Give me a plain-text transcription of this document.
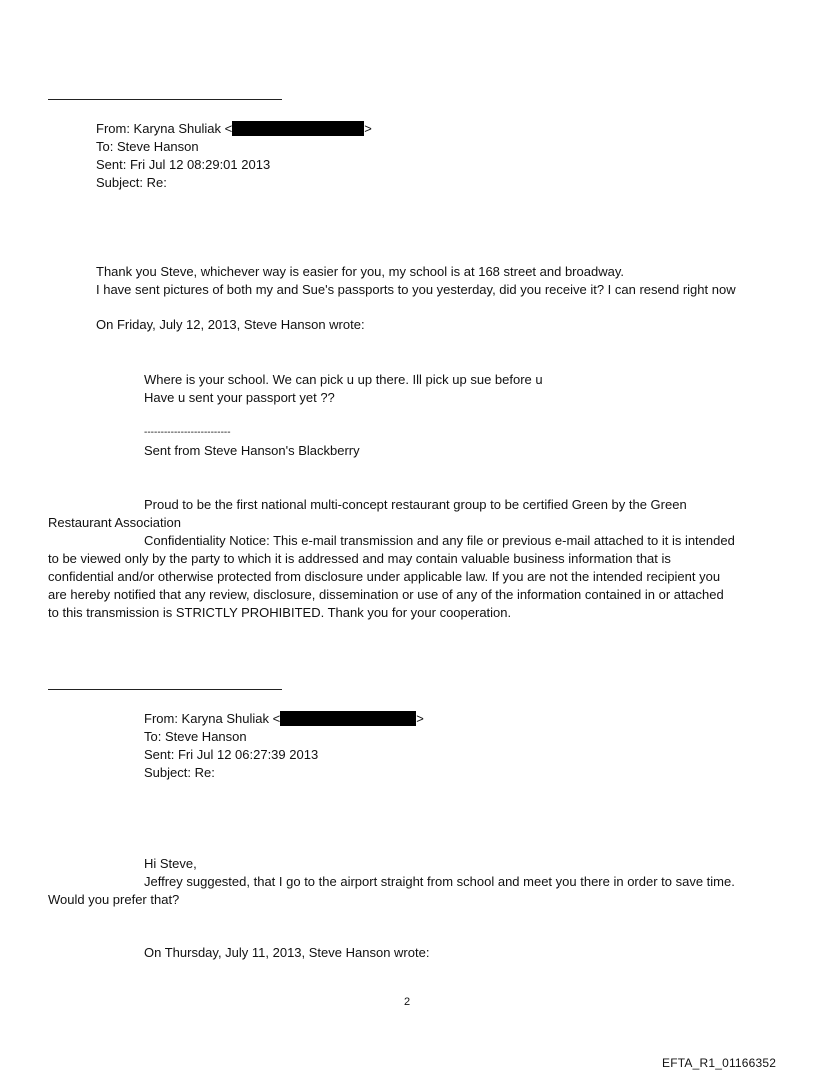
From: Karyna Shuliak <	>
To: Steve Hanson
Sent: Fri Jul 12 08:29:01 2013
Subject: Re:
Thank you Steve, whichever way is easier for you, my school is at 168 street and broadway.
I have sent pictures of both my and Sue's passports to you yesterday, did you receive it? I can resend right now
On Friday, July 12, 2013, Steve Hanson wrote:
Where is your school. We can pick u up there. Ill pick up sue before u
Have u sent your passport yet ??
--------------------------
Sent from Steve Hanson's Blackberry
Proud to be the first national multi-concept restaurant group to be certified Green by the Green
Restaurant Association
Confidentiality Notice: This e-mail transmission and any file or previous e-mail attached to it is intended
to be viewed only by the party to which it is addressed and may contain valuable business information that is
confidential and/or otherwise protected from disclosure under applicable law. If you are not the intended recipient you
are hereby notified that any review, disclosure, dissemination or use of any of the information contained in or attached
to this transmission is STRICTLY PROHIBITED. Thank you for your cooperation.
From: Karyna Shuliak <	>
To: Steve Hanson
Sent: Fri Jul 12 06:27:39 2013
Subject: Re:
Hi Steve,
Jeffrey suggested, that I go to the airport straight from school and meet you there in order to save time.
Would you prefer that?
On Thursday, July 11, 2013, Steve Hanson wrote:
2
EFTA_R1_01166352
